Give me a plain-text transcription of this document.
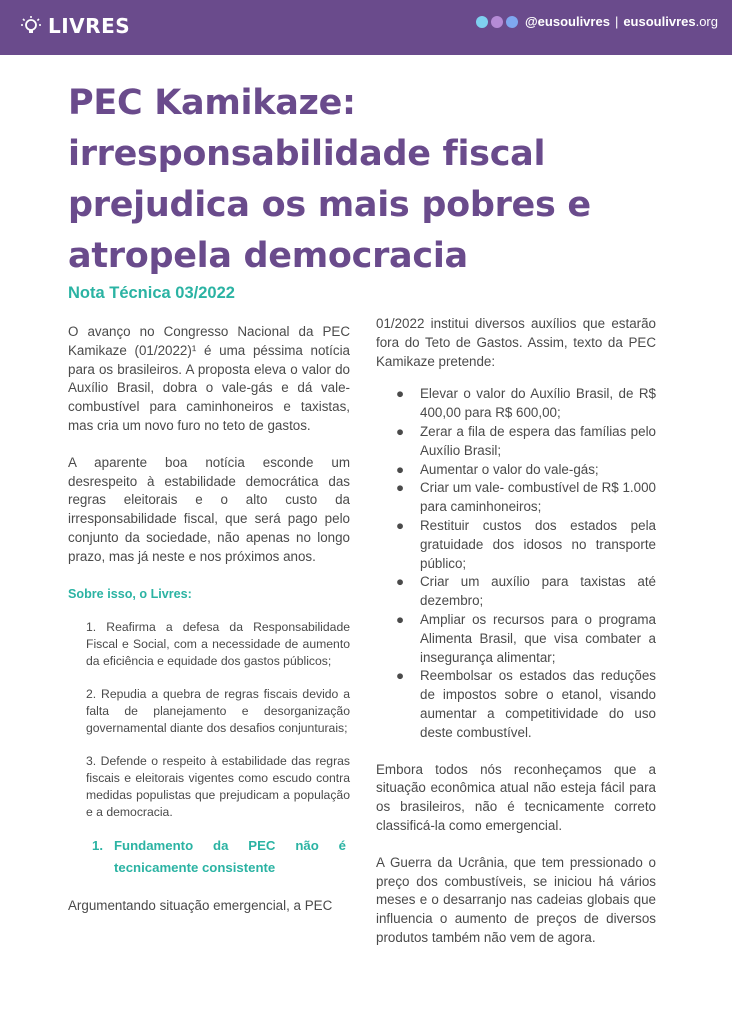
LIVRES	@eusoulivres | eusoulivres.org
PEC Kamikaze: irresponsabilidade fiscal prejudica os mais pobres e atropela democracia
Nota Técnica 03/2022

O avanço no Congresso Nacional da PEC Kamikaze (01/2022)¹ é uma péssima notícia para os brasileiros. A proposta eleva o valor do Auxílio Brasil, dobra o vale-gás e dá vale-combustível para caminhoneiros e taxistas, mas cria um novo furo no teto de gastos.

A aparente boa notícia esconde um desrespeito à estabilidade democrática das regras eleitorais e o alto custo da irresponsabilidade fiscal, que será pago pelo conjunto da sociedade, não apenas no longo prazo, mas já neste e nos próximos anos.

Sobre isso, o Livres:

1. Reafirma a defesa da Responsabilidade Fiscal e Social, com a necessidade de aumento da eficiência e equidade dos gastos públicos;

2. Repudia a quebra de regras fiscais devido a falta de planejamento e desorganização governamental diante dos desafios conjunturais;

3. Defende o respeito à estabilidade das regras fiscais e eleitorais vigentes como escudo contra medidas populistas que prejudicam a população e a democracia.

1. Fundamento da PEC não é tecnicamente consistente

Argumentando situação emergencial, a PEC

01/2022 institui diversos auxílios que estarão fora do Teto de Gastos. Assim, texto da PEC Kamikaze pretende:

● Elevar o valor do Auxílio Brasil, de R$ 400,00 para R$ 600,00;
● Zerar a fila de espera das famílias pelo Auxílio Brasil;
● Aumentar o valor do vale-gás;
● Criar um vale- combustível de R$ 1.000 para caminhoneiros;
● Restituir custos dos estados pela gratuidade dos idosos no transporte público;
● Criar um auxílio para taxistas até dezembro;
● Ampliar os recursos para o programa Alimenta Brasil, que visa combater a insegurança alimentar;
● Reembolsar os estados das reduções de impostos sobre o etanol, visando aumentar a competitividade do uso deste combustível.

Embora todos nós reconheçamos que a situação econômica atual não esteja fácil para os brasileiros, não é tecnicamente correto classificá-la como emergencial.

A Guerra da Ucrânia, que tem pressionado o preço dos combustíveis, se iniciou há vários meses e o desarranjo nas cadeias globais que influencia o aumento de preços de diversos produtos também não vem de agora.
